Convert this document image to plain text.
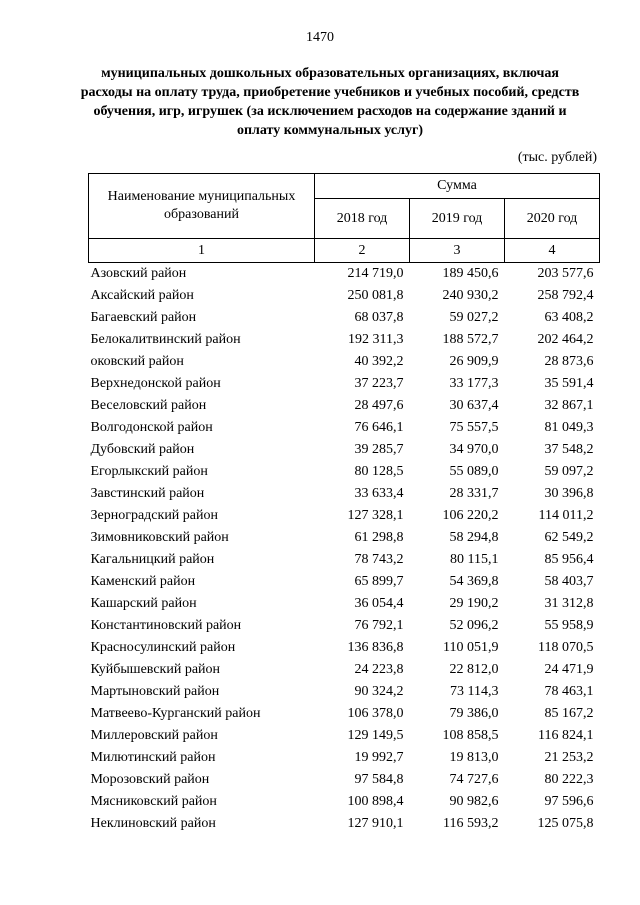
1470
муниципальных дошкольных образовательных организациях, включая расходы на оплату труда, приобретение учебников и учебных пособий, средств обучения, игр, игрушек (за исключением расходов на содержание зданий и оплату коммунальных услуг)
(тыс. рублей)
Наименование муниципальных образований	Сумма		
	2018 год	2019 год	2020 год
1	2	3	4
Азовский район	214 719,0	189 450,6	203 577,6
Аксайский район	250 081,8	240 930,2	258 792,4
Багаевский район	68 037,8	59 027,2	63 408,2
Белокалитвинский район	192 311,3	188 572,7	202 464,2
оковский район	40 392,2	26 909,9	28 873,6
Верхнедонской район	37 223,7	33 177,3	35 591,4
Веселовский район	28 497,6	30 637,4	32 867,1
Волгодонской район	76 646,1	75 557,5	81 049,3
Дубовский район	39 285,7	34 970,0	37 548,2
Егорлыкский район	80 128,5	55 089,0	59 097,2
Завстинский район	33 633,4	28 331,7	30 396,8
Зерноградский район	127 328,1	106 220,2	114 011,2
Зимовниковский район	61 298,8	58 294,8	62 549,2
Кагальницкий район	78 743,2	80 115,1	85 956,4
Каменский район	65 899,7	54 369,8	58 403,7
Кашарский район	36 054,4	29 190,2	31 312,8
Константиновский район	76 792,1	52 096,2	55 958,9
Красносулинский район	136 836,8	110 051,9	118 070,5
Куйбышевский район	24 223,8	22 812,0	24 471,9
Мартыновский район	90 324,2	73 114,3	78 463,1
Матвеево-Курганский район	106 378,0	79 386,0	85 167,2
Миллеровский район	129 149,5	108 858,5	116 824,1
Милютинский район	19 992,7	19 813,0	21 253,2
Морозовский район	97 584,8	74 727,6	80 222,3
Мясниковский район	100 898,4	90 982,6	97 596,6
Неклиновский район	127 910,1	116 593,2	125 075,8
